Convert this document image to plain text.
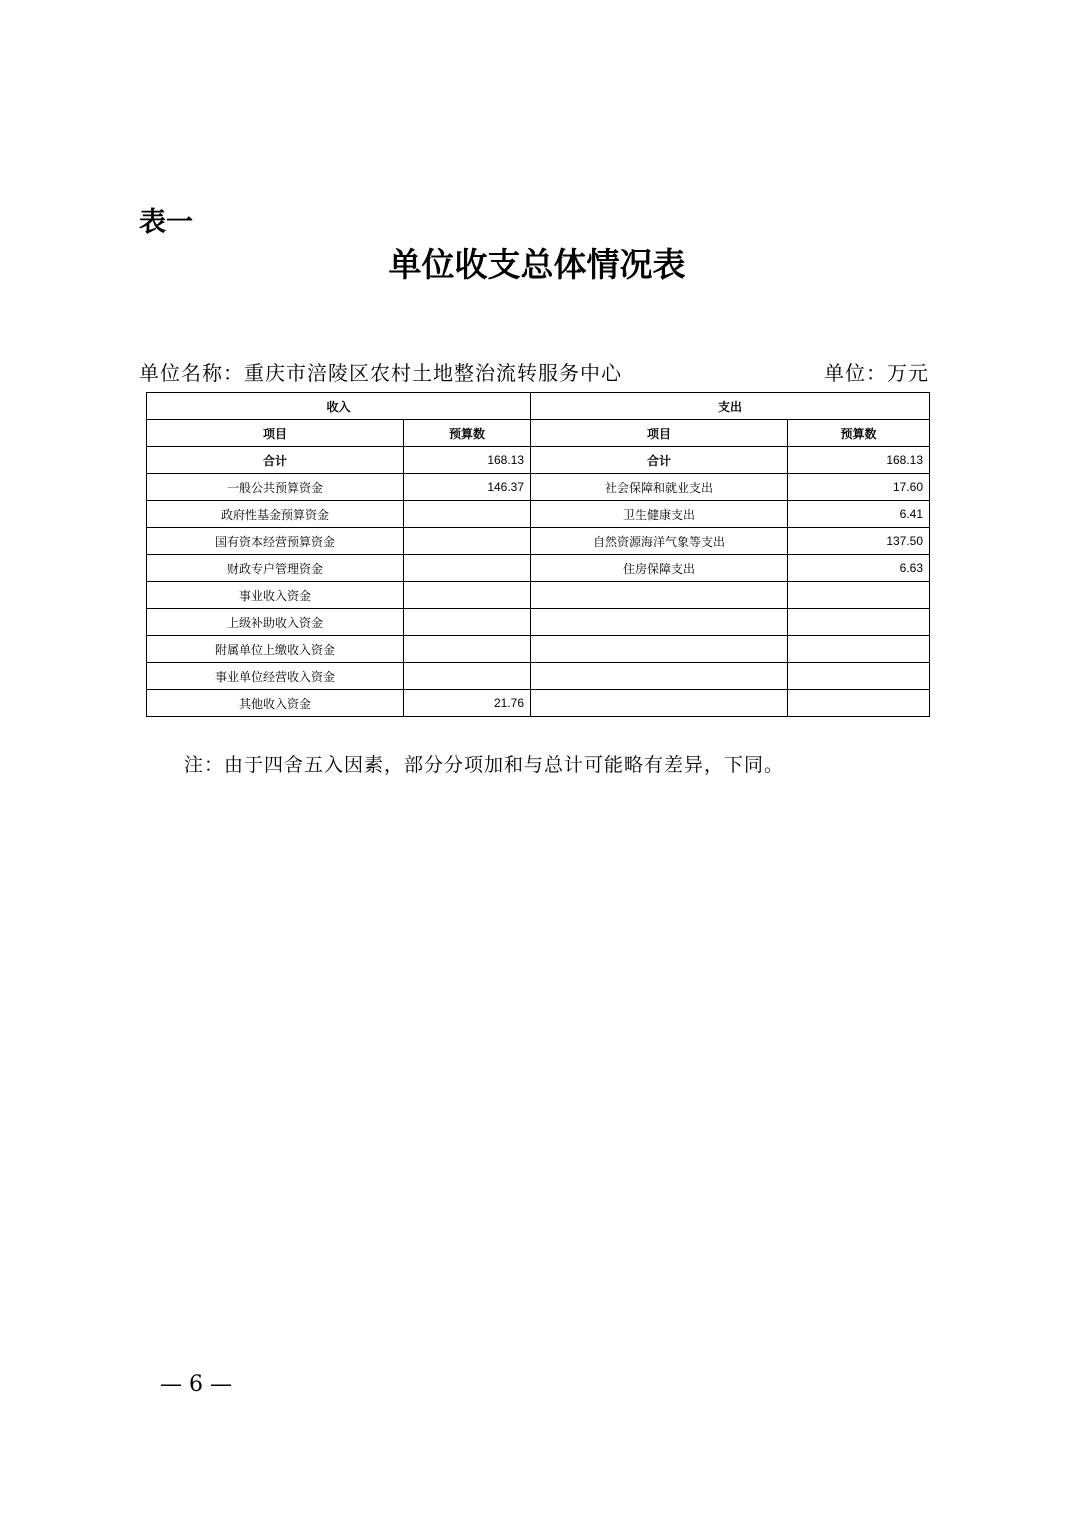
表一
单位收支总体情况表
单位名称：重庆市涪陵区农村土地整治流转服务中心	单位：万元
收入		支出	
项目	预算数	项目	预算数
合计	168.13	合计	168.13
一般公共预算资金	146.37	社会保障和就业支出	17.60
政府性基金预算资金		卫生健康支出	6.41
国有资本经营预算资金		自然资源海洋气象等支出	137.50
财政专户管理资金		住房保障支出	6.63
事业收入资金			
上级补助收入资金			
附属单位上缴收入资金			
事业单位经营收入资金			
其他收入资金	21.76		
注：由于四舍五入因素，部分分项加和与总计可能略有差异，下同。
— 6 —
